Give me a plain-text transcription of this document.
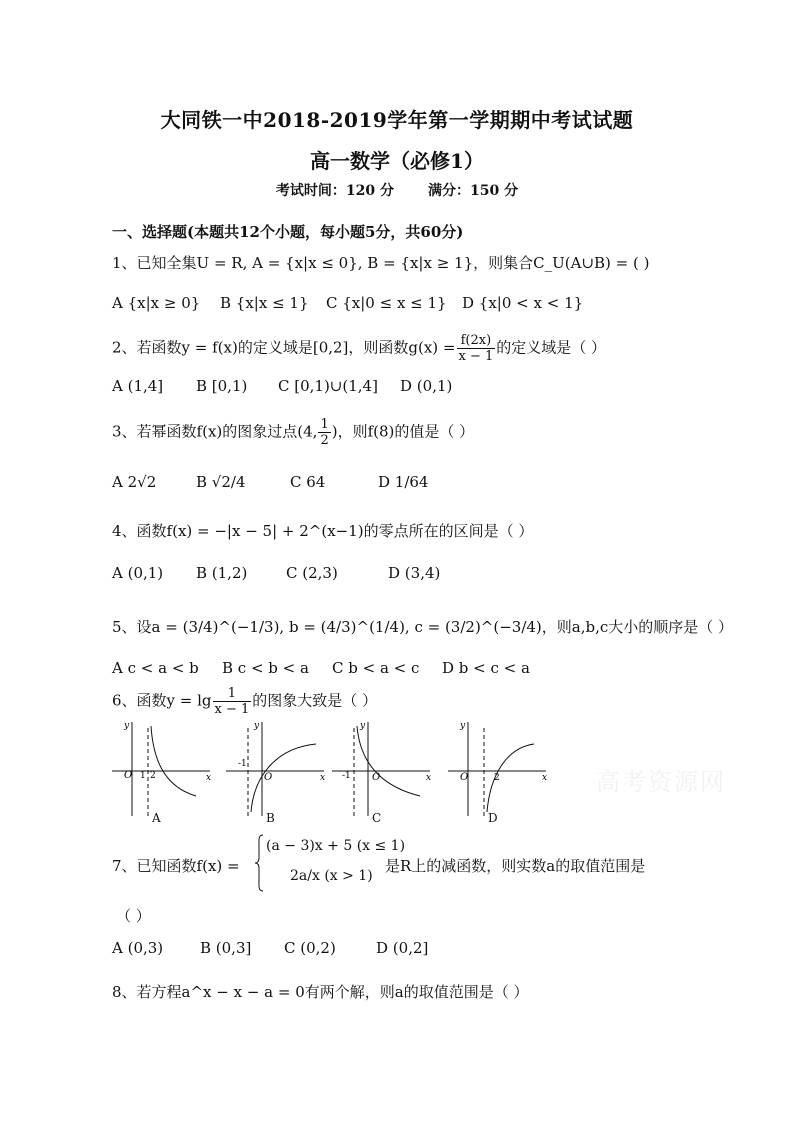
大同铁一中2018-2019学年第一学期期中考试试题
高一数学（必修1）
考试时间：120 分 满分：150 分
一、选择题(本题共12个小题，每小题5分，共60分)
1、已知全集U = R, A = {x|x ≤ 0}, B = {x|x ≥ 1}，则集合C_U(A∪B) = ( )
A {x|x ≥ 0} B {x|x ≤ 1} C {x|0 ≤ x ≤ 1} D {x|0 < x < 1}
2、若函数y = f(x)的定义域是[0,2]，则函数$g(x) = \frac{f(2x)}{x - 1}$ 的定义域是（ ）
A (1,4] B [0,1) C [0,1)∪(1,4] D (0,1)
3、若幂函数f(x)的图象过点(4, $\frac{1}{2}$ )，则f(8)的值是（ ）
A 2√2	B √2/4	C 64	D 1/64
4、函数f(x) = −|x − 5| + 2^(x−1)的零点所在的区间是（ ）
A (0,1) B (1,2)	C (2,3)	D (3,4)
5、设a = (3/4)^(−1/3), b = (4/3)^(1/4), c = (3/2)^(−3/4)，则a,b,c大小的顺序是（ ）
A c < a < b B c < b < a C b < a < c D b < c < a
6、函数$y = \lg \frac{1}{x - 1}$ 的图象大致是（ ）
O 1 2	x
y
-1
O	x
y
-1 O	x
y
O	2	x
y
A	B	C	D
高考资源网
7、已知函数f(x) =
(a − 3)x + 5 (x ≤ 1)
2a/x (x > 1)
是R上的减函数，则实数a的取值范围是
（ ）
A (0,3) B (0,3] C (0,2)	D (0,2]
8、若方程a^x − x − a = 0有两个解，则a的取值范围是（ ）
